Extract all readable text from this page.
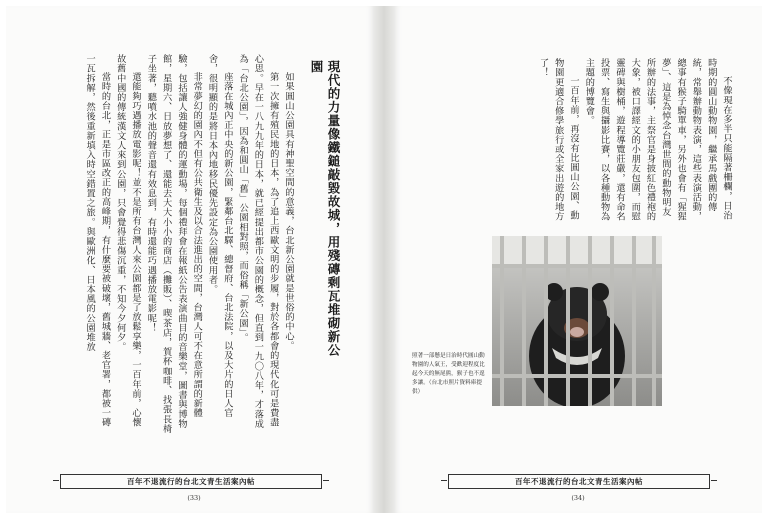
現代的力量像鐵鎚敲毀故城，用殘磚剩瓦堆砌新公園

如果圓山公園具有神聖空間的意義，台北新公園就是世俗的中心。

第一次擁有殖民地的日本，為了追上西歐文明的步履，對於各都會的現代化可是費盡心思。早在一八九九年的日本，就已經提出都市公園的概念，但直到一九〇八年，才落成為「台北公園」，因為和圓山「舊」公園相對照，而俗稱「新公園」。

座落在城內正中央的新公園，緊鄰台北驛、總督府、台北法院，以及大片的日人官舍，很明顯的是將日本內地移民優先設定為公園使用者。

非常夢幻的園內不但有公共衛生及以合法進出的空間，台灣人可不在意所謂的新體驗，包括讓人強健身體的運動場，每個禮拜會在報紙公告表演曲目的音樂堂，圖書與博物館，星期六、日放夢想了、還能去大大小小的商店（攤販）、喫茶店，賀杯咖啡、找張長椅子坐著，聽噴水池的聲音還有效息到，有時還能巧遇播放電影呢！

還能夠巧遇播放電影呢！並不是所有台灣人來公園都是了放鬆享樂，一百年前，心懷故舊中國的傳統漢文人來到公園，只會覺得悲傷沉重，不知今夕何夕。

當時的台北，正是市區改正的高峰期，有什麼要被破壞，舊城牆、老官署，都被一磚一瓦拆解，然後重新填入時空錯置之旅。與歐洲化、日本風的公園堆放

百年不退流行的台北文青生活案內帖
(33)

不像現在多半只能隔著柵欄，日治時期的圓山動物園，繼承馬戲團的傳統，常舉辦動物表演，這些表演活動，總事有猴子騎單車，另外也會有「猩猩夢」、這是為悼念台灣世間的動物明友所辦的法事，主祭官是身披紅色禮袍的大象，被口譯經文的小朋友包圍，而慰靈碑與樹桶，遊程導覽莊嚴，還有命名投票、寫生與攝影比賽，以各種動物為主題的博覽會。

一百年前，再沒有比圓山公園、動物園更適合修學旅行或全家出遊的地方了！

照著一部懸是日治時代圓山動物園的人氣王，受歡迎程度比起今天的無尾熊，猴子也不遑多讓。（台北市照片資料庫提供）
百年不退流行的台北文青生活案內帖
(34)
